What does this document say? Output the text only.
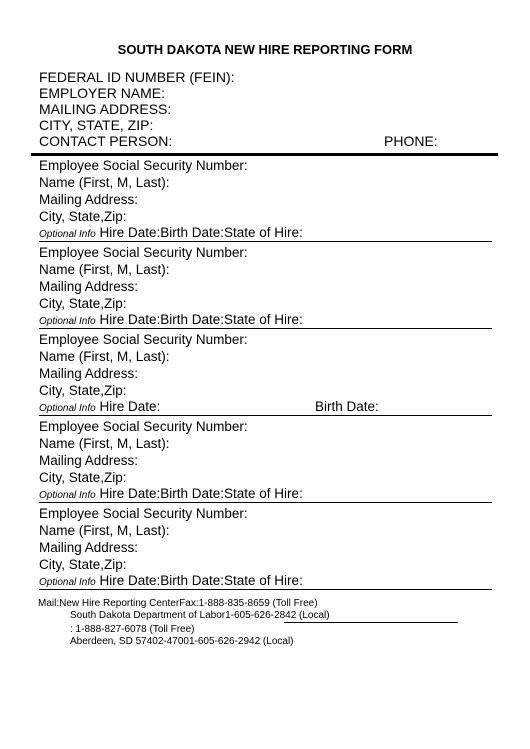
SOUTH DAKOTA NEW HIRE REPORTING FORM
FEDERAL ID NUMBER (FEIN):
EMPLOYER NAME:
MAILING ADDRESS:
CITY, STATE, ZIP:
CONTACT PERSON:	PHONE:
Employee Social Security Number:
Name (First, M, Last):
Mailing Address:
City, State,Zip:
Optional Info Hire Date:Birth Date:State of Hire:
Employee Social Security Number:
Name (First, M, Last):
Mailing Address:
City, State,Zip:
Optional Info Hire Date:Birth Date:State of Hire:
Employee Social Security Number:
Name (First, M, Last):
Mailing Address:
City, State,Zip:
Optional Info Hire Date:	Birth Date:
Employee Social Security Number:
Name (First, M, Last):
Mailing Address:
City, State,Zip:
Optional Info Hire Date:Birth Date:State of Hire:
Employee Social Security Number:
Name (First, M, Last):
Mailing Address:
City, State,Zip:
Optional Info Hire Date:Birth Date:State of Hire:
Mail:New Hire Reporting CenterFax:1-888-835-8659 (Toll Free)
South Dakota Department of Labor1-605-626-2842 (Local)
: 1-888-827-6078 (Toll Free)
Aberdeen, SD 57402-47001-605-626-2942 (Local)
